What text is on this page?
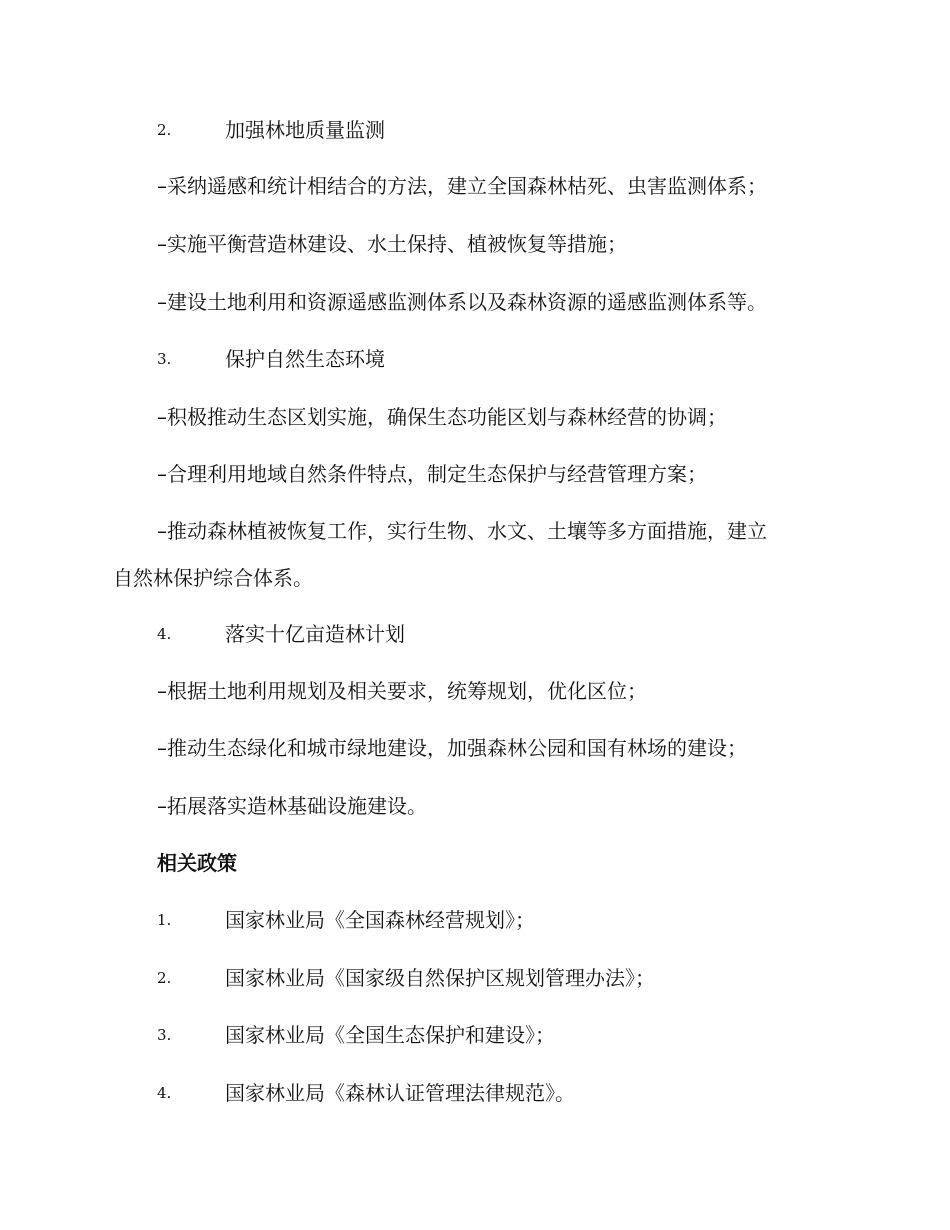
2.	加强林地质量监测
–采纳遥感和统计相结合的方法，建立全国森林枯死、虫害监测体系；
–实施平衡营造林建设、水土保持、植被恢复等措施；
–建设土地利用和资源遥感监测体系以及森林资源的遥感监测体系等。
3.	保护自然生态环境
–积极推动生态区划实施，确保生态功能区划与森林经营的协调；
–合理利用地域自然条件特点，制定生态保护与经营管理方案；
–推动森林植被恢复工作，实行生物、水文、土壤等多方面措施，建立
自然林保护综合体系。
4.	落实十亿亩造林计划
–根据土地利用规划及相关要求，统筹规划，优化区位；
–推动生态绿化和城市绿地建设，加强森林公园和国有林场的建设；
–拓展落实造林基础设施建设。
相关政策
1.	国家林业局《全国森林经营规划》；
2.	国家林业局《国家级自然保护区规划管理办法》；
3.	国家林业局《全国生态保护和建设》；
4.	国家林业局《森林认证管理法律规范》。
